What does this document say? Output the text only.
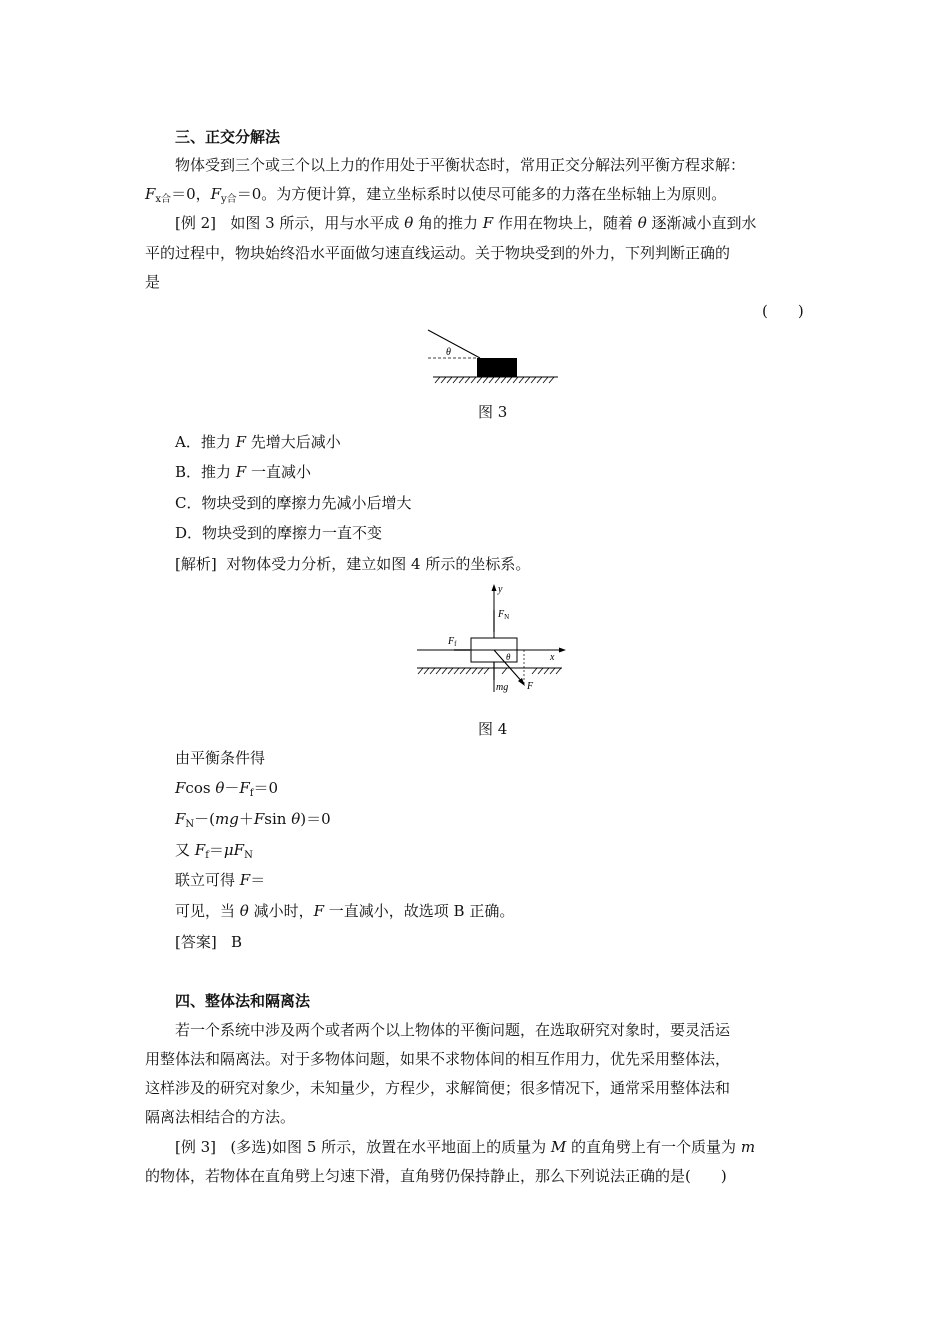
三、正交分解法
物体受到三个或三个以上力的作用处于平衡状态时，常用正交分解法列平衡方程求解：
$F_{x合}=0$，$F_{y合}=0$。为方便计算，建立坐标系时以使尽可能多的力落在坐标轴上为原则。
[例 2] 如图 3 所示，用与水平成 θ 角的推力 F 作用在物块上，随着 θ 逐渐减小直到水
平的过程中，物块始终沿水平面做匀速直线运动。关于物块受到的外力，下列判断正确的
是
(　　)
θ
图 3
A．推力 F 先增大后减小
B．推力 F 一直减小
C．物块受到的摩擦力先减小后增大
D．物块受到的摩擦力一直不变
[解析] 对物体受力分析，建立如图 4 所示的坐标系。
y
$F_N$
x
$F_f$
F
θ
mg
图 4
由平衡条件得
Fcos $\theta-F_f=0$
$F_N-(mg+Fsin$ θ)＝0
又 $F_f=\mu F_N$
联立可得 F＝
可见，当 θ 减小时，F 一直减小，故选项 B 正确。
[答案] B
四、整体法和隔离法
若一个系统中涉及两个或者两个以上物体的平衡问题，在选取研究对象时，要灵活运
用整体法和隔离法。对于多物体问题，如果不求物体间的相互作用力，优先采用整体法，
这样涉及的研究对象少，未知量少，方程少，求解简便；很多情况下，通常采用整体法和
隔离法相结合的方法。
[例 3] (多选)如图 5 所示，放置在水平地面上的质量为 M 的直角劈上有一个质量为 m
的物体，若物体在直角劈上匀速下滑，直角劈仍保持静止，那么下列说法正确的是(　　)
